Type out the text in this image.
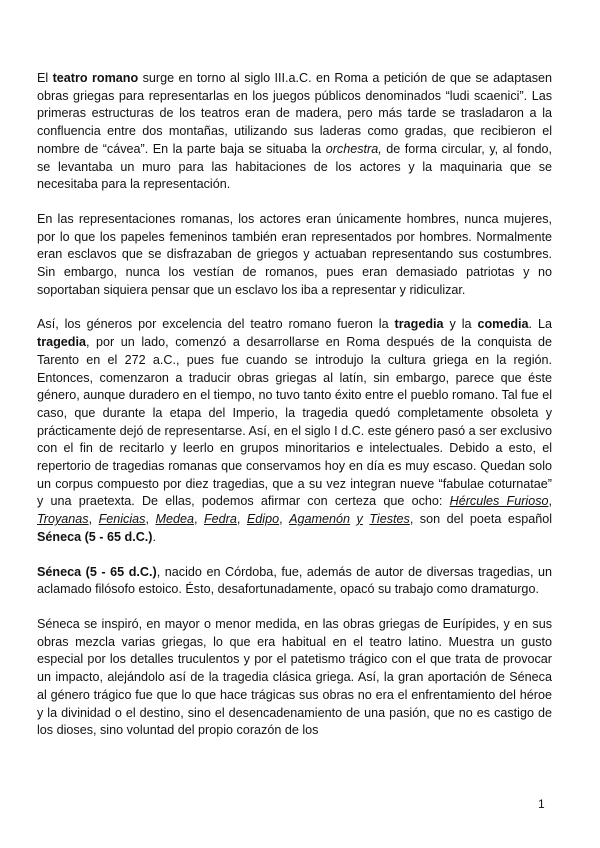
El teatro romano surge en torno al siglo III.a.C. en Roma a petición de que se adaptasen obras griegas para representarlas en los juegos públicos denominados “ludi scaenici”. Las primeras estructuras de los teatros eran de madera, pero más tarde se trasladaron a la confluencia entre dos montañas, utilizando sus laderas como gradas, que recibieron el nombre de “cávea”. En la parte baja se situaba la orchestra, de forma circular, y, al fondo, se levantaba un muro para las habitaciones de los actores y la maquinaria que se necesitaba para la representación.

En las representaciones romanas, los actores eran únicamente hombres, nunca mujeres, por lo que los papeles femeninos también eran representados por hombres. Normalmente eran esclavos que se disfrazaban de griegos y actuaban representando sus costumbres. Sin embargo, nunca los vestían de romanos, pues eran demasiado patriotas y no soportaban siquiera pensar que un esclavo los iba a representar y ridiculizar.

Así, los géneros por excelencia del teatro romano fueron la tragedia y la comedia. La tragedia, por un lado, comenzó a desarrollarse en Roma después de la conquista de Tarento en el 272 a.C., pues fue cuando se introdujo la cultura griega en la región. Entonces, comenzaron a traducir obras griegas al latín, sin embargo, parece que éste género, aunque duradero en el tiempo, no tuvo tanto éxito entre el pueblo romano. Tal fue el caso, que durante la etapa del Imperio, la tragedia quedó completamente obsoleta y prácticamente dejó de representarse. Así, en el siglo I d.C. este género pasó a ser exclusivo con el fin de recitarlo y leerlo en grupos minoritarios e intelectuales. Debido a esto, el repertorio de tragedias romanas que conservamos hoy en día es muy escaso. Quedan solo un corpus compuesto por diez tragedias, que a su vez integran nueve “fabulae coturnatae” y una praetexta. De ellas, podemos afirmar con certeza que ocho: Hércules Furioso, Troyanas, Fenicias, Medea, Fedra, Edipo, Agamenón y Tiestes, son del poeta español Séneca (5 - 65 d.C.).

Séneca (5 - 65 d.C.), nacido en Córdoba, fue, además de autor de diversas tragedias, un aclamado filósofo estoico. Ésto, desafortunadamente, opacó su trabajo como dramaturgo.

Séneca se inspiró, en mayor o menor medida, en las obras griegas de Eurípides, y en sus obras mezcla varias griegas, lo que era habitual en el teatro latino. Muestra un gusto especial por los detalles truculentos y por el patetismo trágico con el que trata de provocar un impacto, alejándolo así de la tragedia clásica griega. Así, la gran aportación de Séneca al género trágico fue que lo que hace trágicas sus obras no era el enfrentamiento del héroe y la divinidad o el destino, sino el desencadenamiento de una pasión, que no es castigo de los dioses, sino voluntad del propio corazón de los

1
